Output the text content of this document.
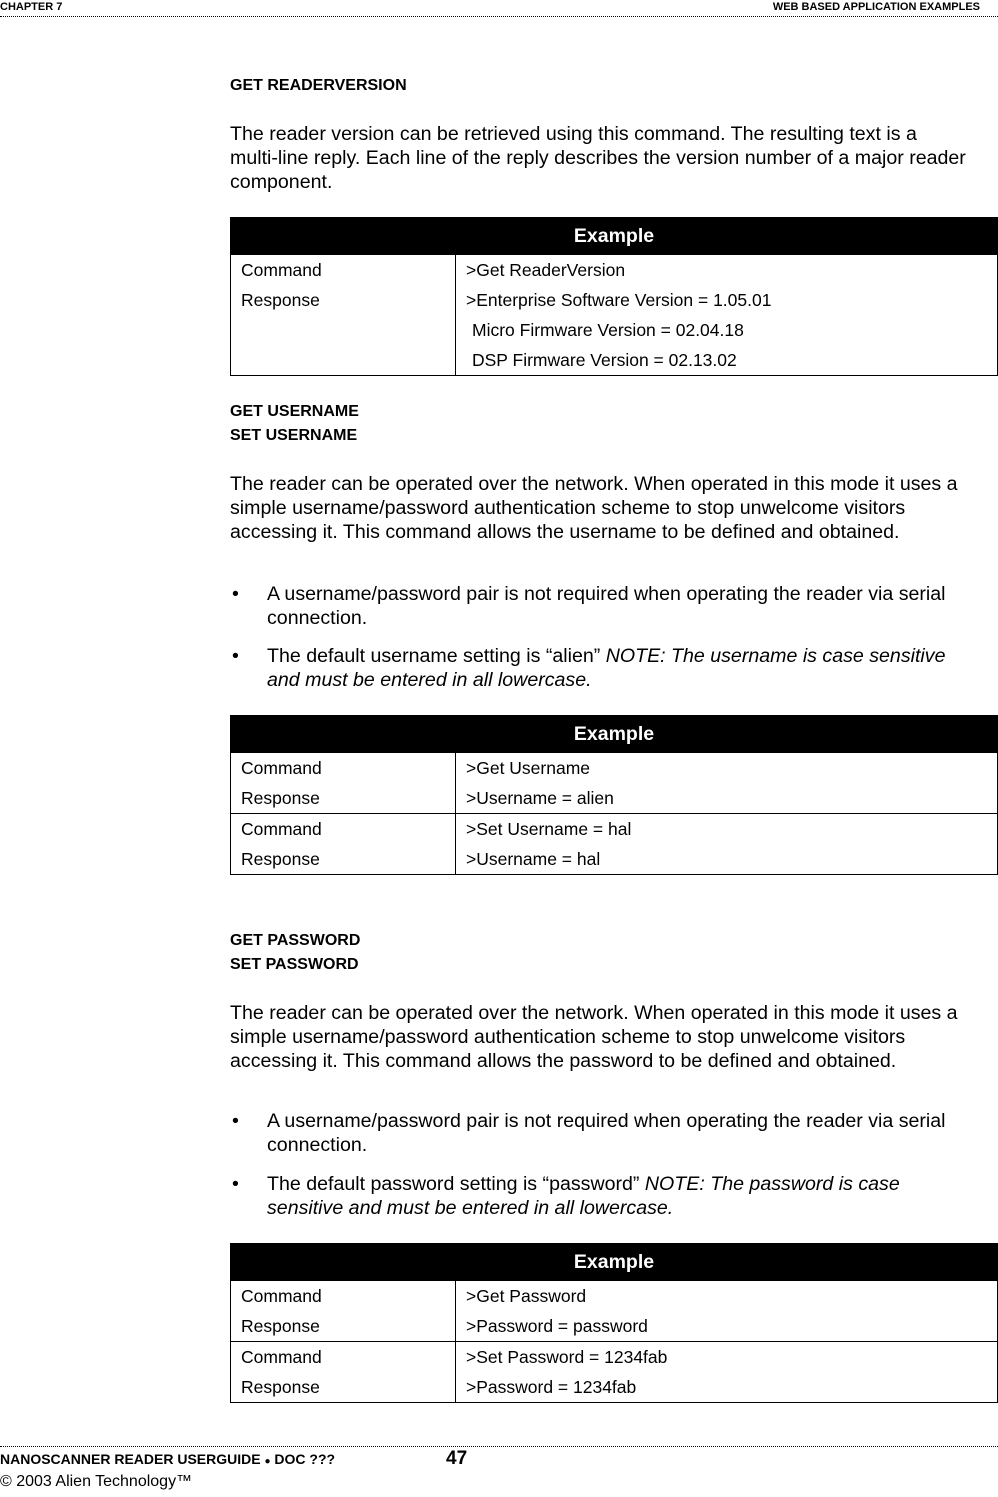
CHAPTER 7	WEB BASED APPLICATION EXAMPLES
GET READERVERSION
The reader version can be retrieved using this command. The resulting text is a multi-line reply. Each line of the reply describes the version number of a major reader component.
Example	
Command	>Get ReaderVersion
Response	>Enterprise Software Version = 1.05.01
	Micro Firmware Version = 02.04.18
	DSP Firmware Version = 02.13.02
GET USERNAME
SET USERNAME
The reader can be operated over the network. When operated in this mode it uses a simple username/password authentication scheme to stop unwelcome visitors accessing it. This command allows the username to be defined and obtained.
• A username/password pair is not required when operating the reader via serial connection.
• The default username setting is “alien” NOTE: The username is case sensitive and must be entered in all lowercase.
Example	
Command	>Get Username
Response	>Username = alien
Command	>Set Username = hal
Response	>Username = hal
GET PASSWORD
SET PASSWORD
The reader can be operated over the network. When operated in this mode it uses a simple username/password authentication scheme to stop unwelcome visitors accessing it. This command allows the password to be defined and obtained.
• A username/password pair is not required when operating the reader via serial connection.
• The default password setting is “password” NOTE: The password is case sensitive and must be entered in all lowercase.
Example	
Command	>Get Password
Response	>Password = password
Command	>Set Password = 1234fab
Response	>Password = 1234fab
NANOSCANNER READER USERGUIDE ● DOC ???	47
© 2003 Alien Technology™
